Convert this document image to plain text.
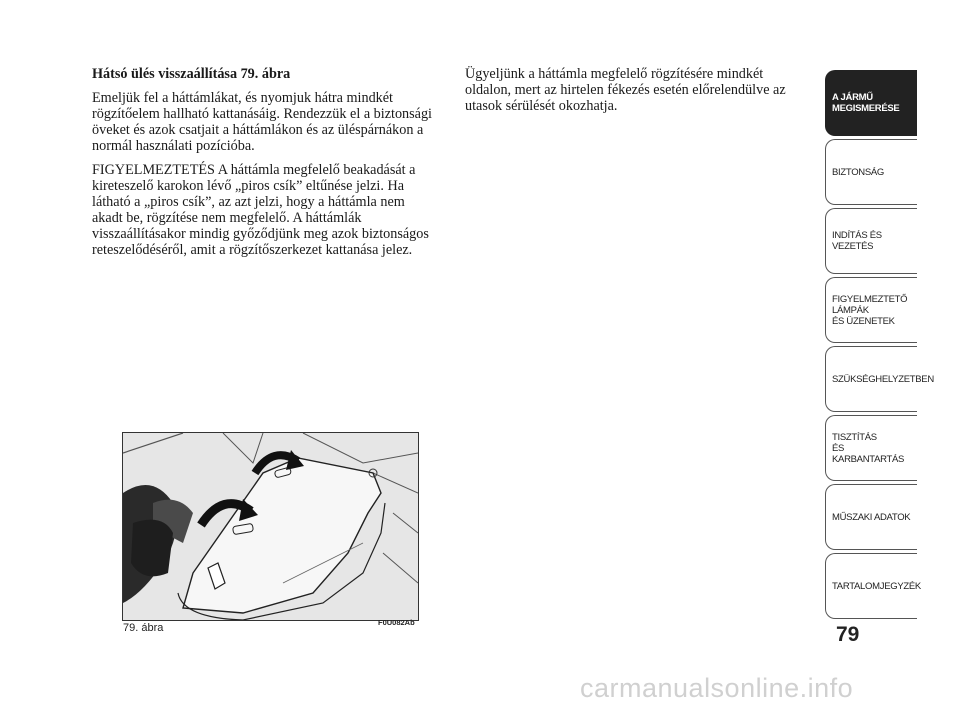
Hátsó ülés visszaállítása 79. ábra

Emeljük fel a háttámlákat, és nyomjuk hátra mindkét rögzítőelem hallható kattanásáig. Rendezzük el a biztonsági öveket és azok csatjait a háttámlákon és az üléspárnákon a normál használati pozícióba.

FIGYELMEZTETÉS A háttámla megfelelő beakadását a kireteszelő karokon lévő „piros csík” eltűnése jelzi. Ha látható a „piros csík”, az azt jelzi, hogy a háttámla nem akadt be, rögzítése nem megfelelő. A háttámlák visszaállításakor mindig győződjünk meg azok biztonságos reteszelődéséről, amit a rögzítőszerkezet kattanása jelez.

Ügyeljünk a háttámla megfelelő rögzítésére mindkét oldalon, mert az hirtelen fékezés esetén előrelendülve az utasok sérülését okozhatja.

79. ábra	F0U082Ab
A JÁRMŰ
MEGISMERÉSE
BIZTONSÁG
INDÍTÁS ÉS VEZETÉS
FIGYELMEZTETŐ
LÁMPÁK
ÉS ÜZENETEK
SZÜKSÉGHELYZETBEN
TISZTÍTÁS
ÉS KARBANTARTÁS
MŰSZAKI ADATOK
TARTALOMJEGYZÉK
79
carmanualsonline.info
